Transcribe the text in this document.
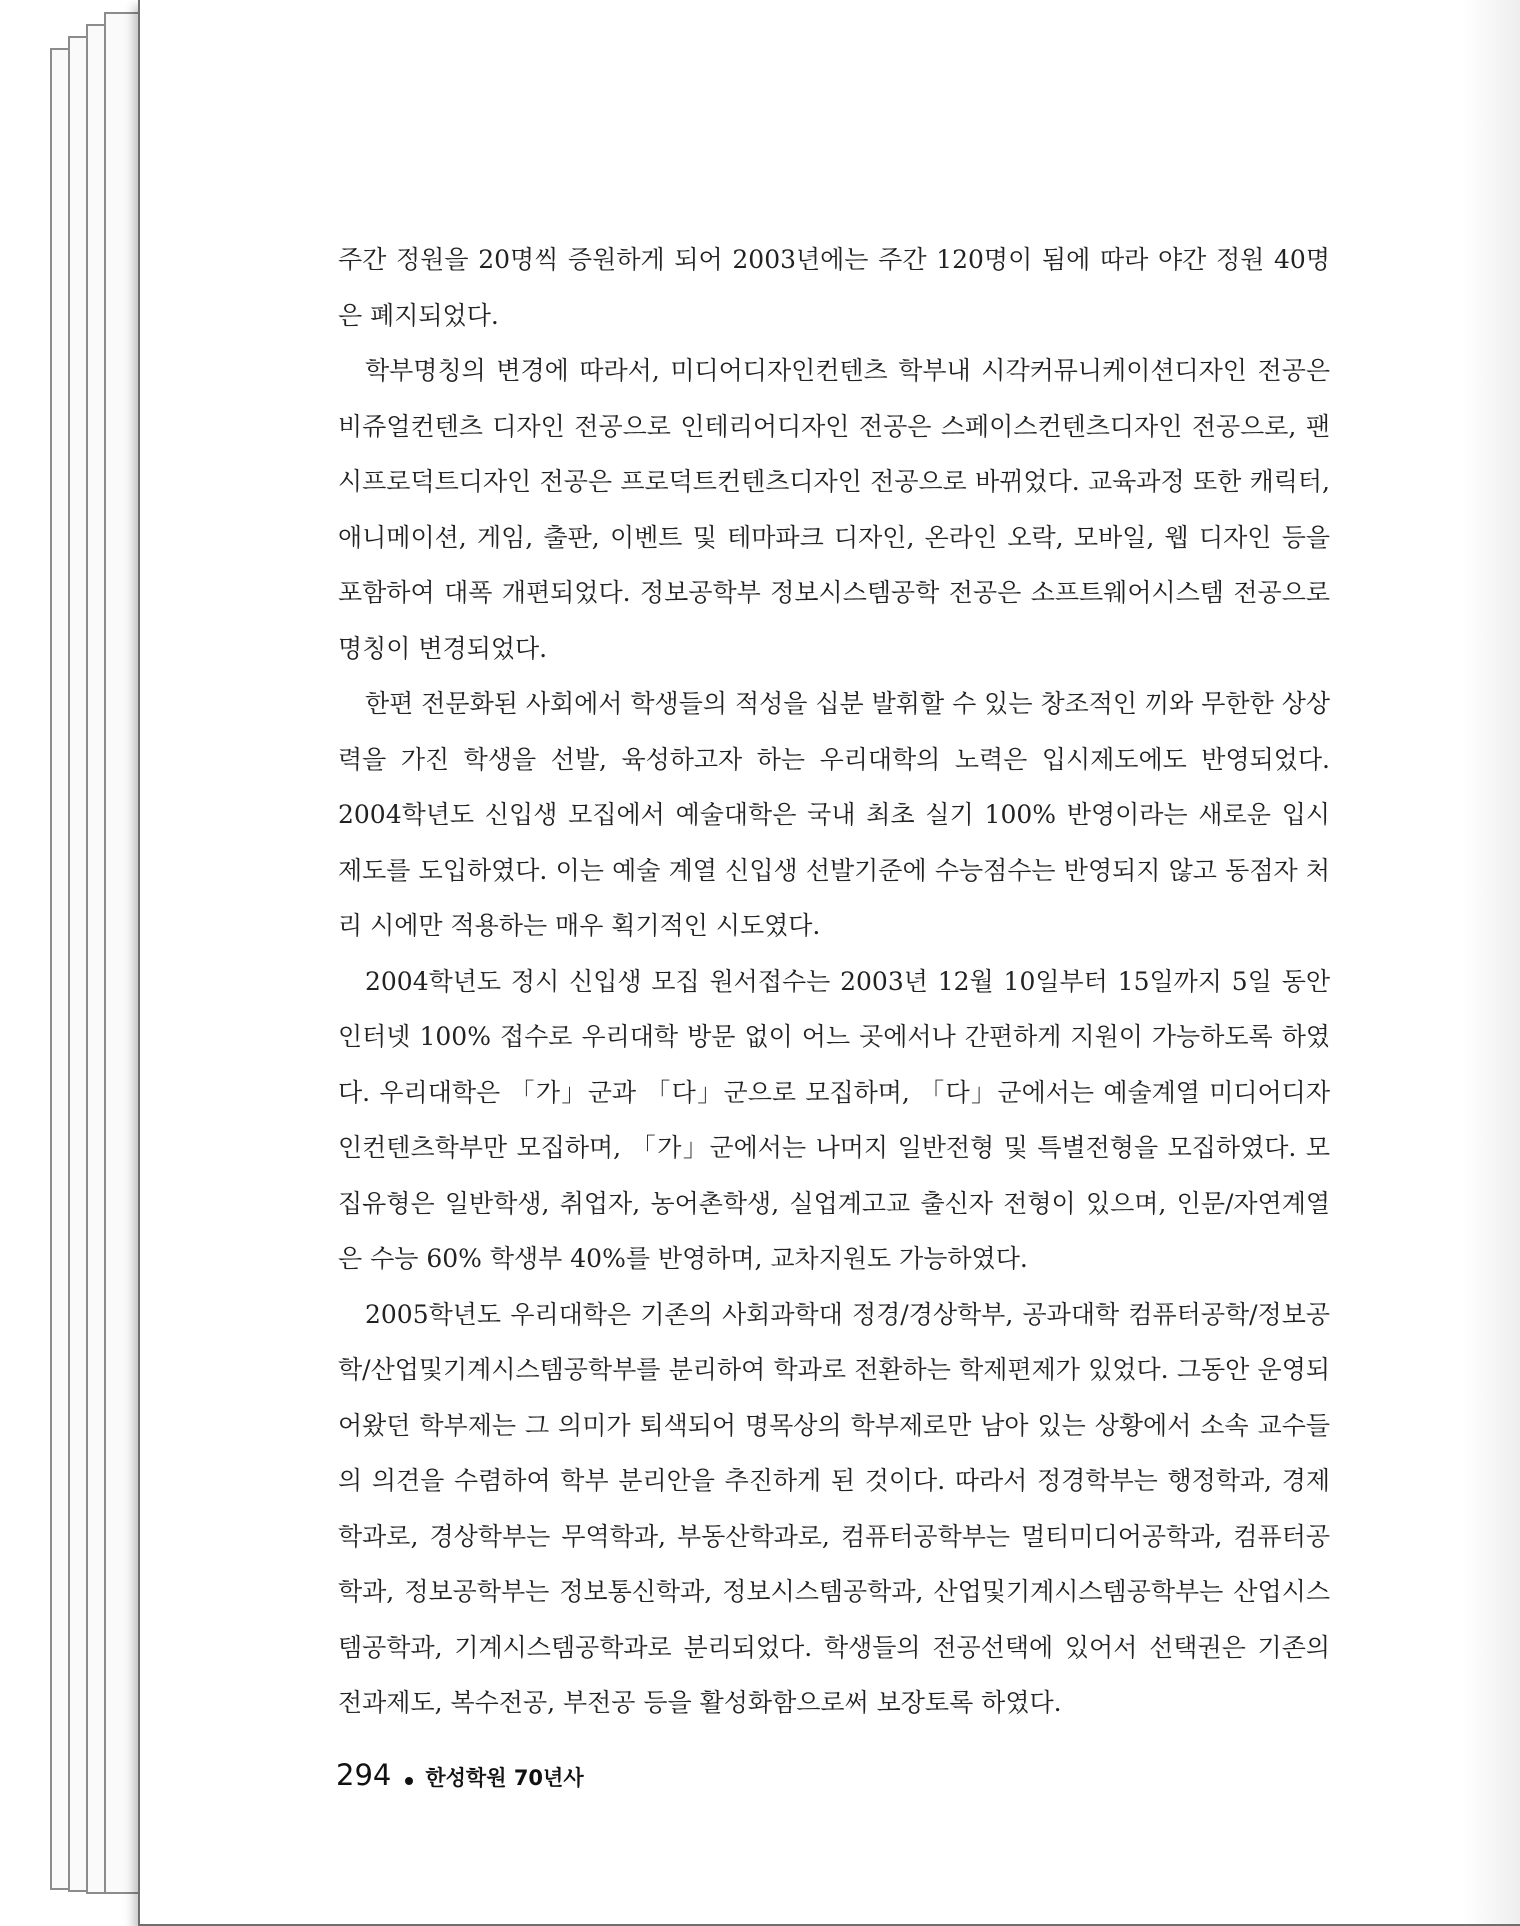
주간 정원을 20명씩 증원하게 되어 2003년에는 주간 120명이 됨에 따라 야간 정원 40명은 폐지되었다.

학부명칭의 변경에 따라서, 미디어디자인컨텐츠 학부내 시각커뮤니케이션디자인 전공은 비쥬얼컨텐츠 디자인 전공으로 인테리어디자인 전공은 스페이스컨텐츠디자인 전공으로, 팬시프로덕트디자인 전공은 프로덕트컨텐츠디자인 전공으로 바뀌었다. 교육과정 또한 캐릭터, 애니메이션, 게임, 출판, 이벤트 및 테마파크 디자인, 온라인 오락, 모바일, 웹 디자인 등을 포함하여 대폭 개편되었다. 정보공학부 정보시스템공학 전공은 소프트웨어시스템 전공으로 명칭이 변경되었다.

한편 전문화된 사회에서 학생들의 적성을 십분 발휘할 수 있는 창조적인 끼와 무한한 상상력을 가진 학생을 선발, 육성하고자 하는 우리대학의 노력은 입시제도에도 반영되었다. 2004학년도 신입생 모집에서 예술대학은 국내 최초 실기 100% 반영이라는 새로운 입시 제도를 도입하였다. 이는 예술 계열 신입생 선발기준에 수능점수는 반영되지 않고 동점자 처리 시에만 적용하는 매우 획기적인 시도였다.

2004학년도 정시 신입생 모집 원서접수는 2003년 12월 10일부터 15일까지 5일 동안 인터넷 100% 접수로 우리대학 방문 없이 어느 곳에서나 간편하게 지원이 가능하도록 하였다. 우리대학은 「가」군과 「다」군으로 모집하며, 「다」군에서는 예술계열 미디어디자인컨텐츠학부만 모집하며, 「가」군에서는 나머지 일반전형 및 특별전형을 모집하였다. 모집유형은 일반학생, 취업자, 농어촌학생, 실업계고교 출신자 전형이 있으며, 인문/자연계열은 수능 60% 학생부 40%를 반영하며, 교차지원도 가능하였다.

2005학년도 우리대학은 기존의 사회과학대 정경/경상학부, 공과대학 컴퓨터공학/정보공학/산업및기계시스템공학부를 분리하여 학과로 전환하는 학제편제가 있었다. 그동안 운영되어왔던 학부제는 그 의미가 퇴색되어 명목상의 학부제로만 남아 있는 상황에서 소속 교수들의 의견을 수렴하여 학부 분리안을 추진하게 된 것이다. 따라서 정경학부는 행정학과, 경제학과로, 경상학부는 무역학과, 부동산학과로, 컴퓨터공학부는 멀티미디어공학과, 컴퓨터공학과, 정보공학부는 정보통신학과, 정보시스템공학과, 산업및기계시스템공학부는 산업시스템공학과, 기계시스템공학과로 분리되었다. 학생들의 전공선택에 있어서 선택권은 기존의 전과제도, 복수전공, 부전공 등을 활성화함으로써 보장토록 하였다.

294 한성학원 70년사
